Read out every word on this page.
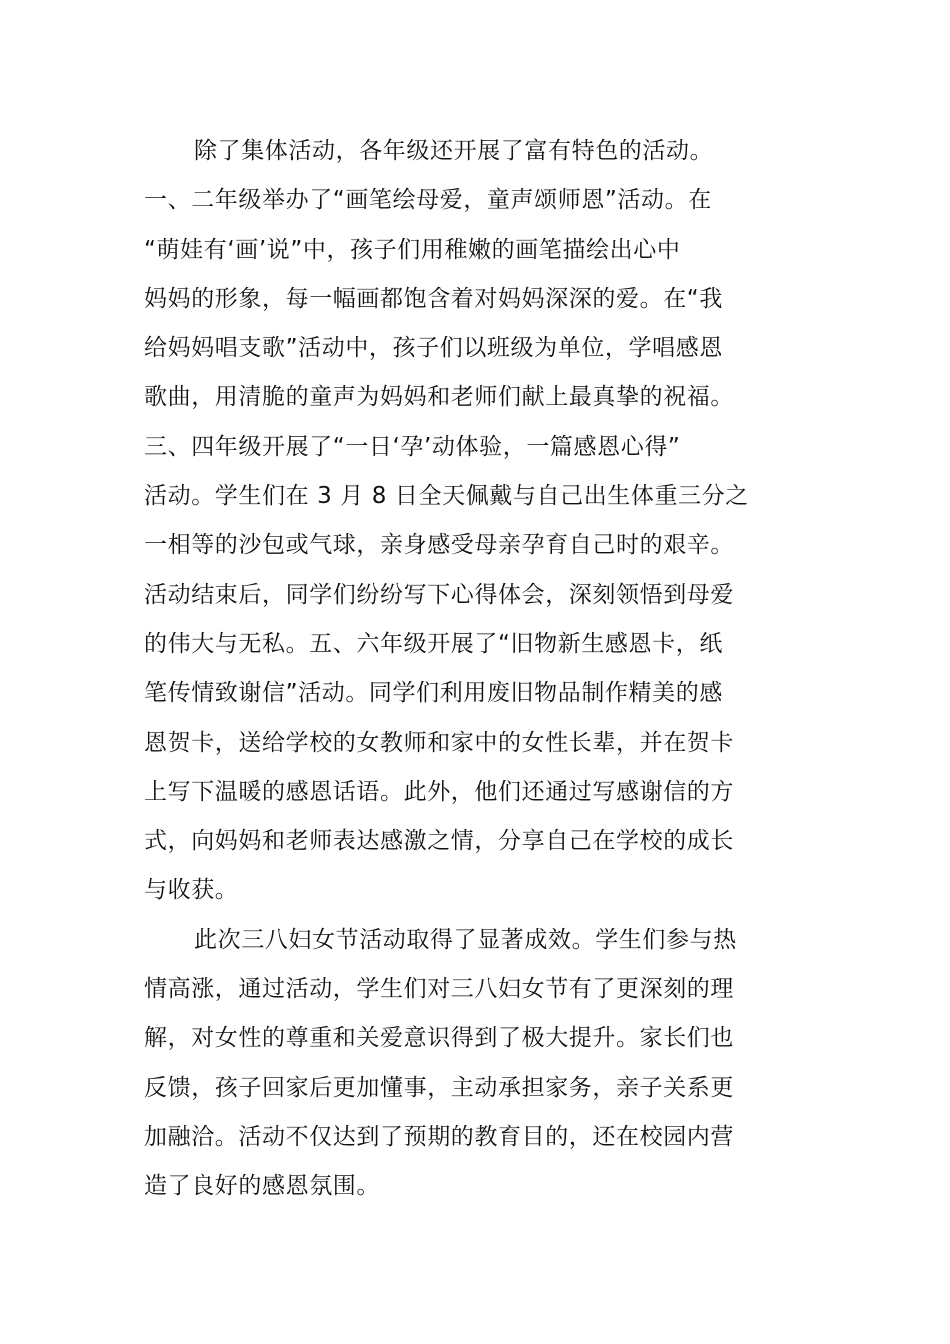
除了集体活动，各年级还开展了富有特色的活动。
一、二年级举办了“画笔绘母爱，童声颂师恩”活动。在
“萌娃有‘画’说”中，孩子们用稚嫩的画笔描绘出心中
妈妈的形象，每一幅画都饱含着对妈妈深深的爱。在“我
给妈妈唱支歌”活动中，孩子们以班级为单位，学唱感恩
歌曲，用清脆的童声为妈妈和老师们献上最真挚的祝福。
三、四年级开展了“一日‘孕’动体验，一篇感恩心得”
活动。学生们在 3 月 8 日全天佩戴与自己出生体重三分之
一相等的沙包或气球，亲身感受母亲孕育自己时的艰辛。
活动结束后，同学们纷纷写下心得体会，深刻领悟到母爱
的伟大与无私。五、六年级开展了“旧物新生感恩卡，纸
笔传情致谢信”活动。同学们利用废旧物品制作精美的感
恩贺卡，送给学校的女教师和家中的女性长辈，并在贺卡
上写下温暖的感恩话语。此外，他们还通过写感谢信的方
式，向妈妈和老师表达感激之情，分享自己在学校的成长
与收获。
此次三八妇女节活动取得了显著成效。学生们参与热
情高涨，通过活动，学生们对三八妇女节有了更深刻的理
解，对女性的尊重和关爱意识得到了极大提升。家长们也
反馈，孩子回家后更加懂事，主动承担家务，亲子关系更
加融洽。活动不仅达到了预期的教育目的，还在校园内营
造了良好的感恩氛围。
